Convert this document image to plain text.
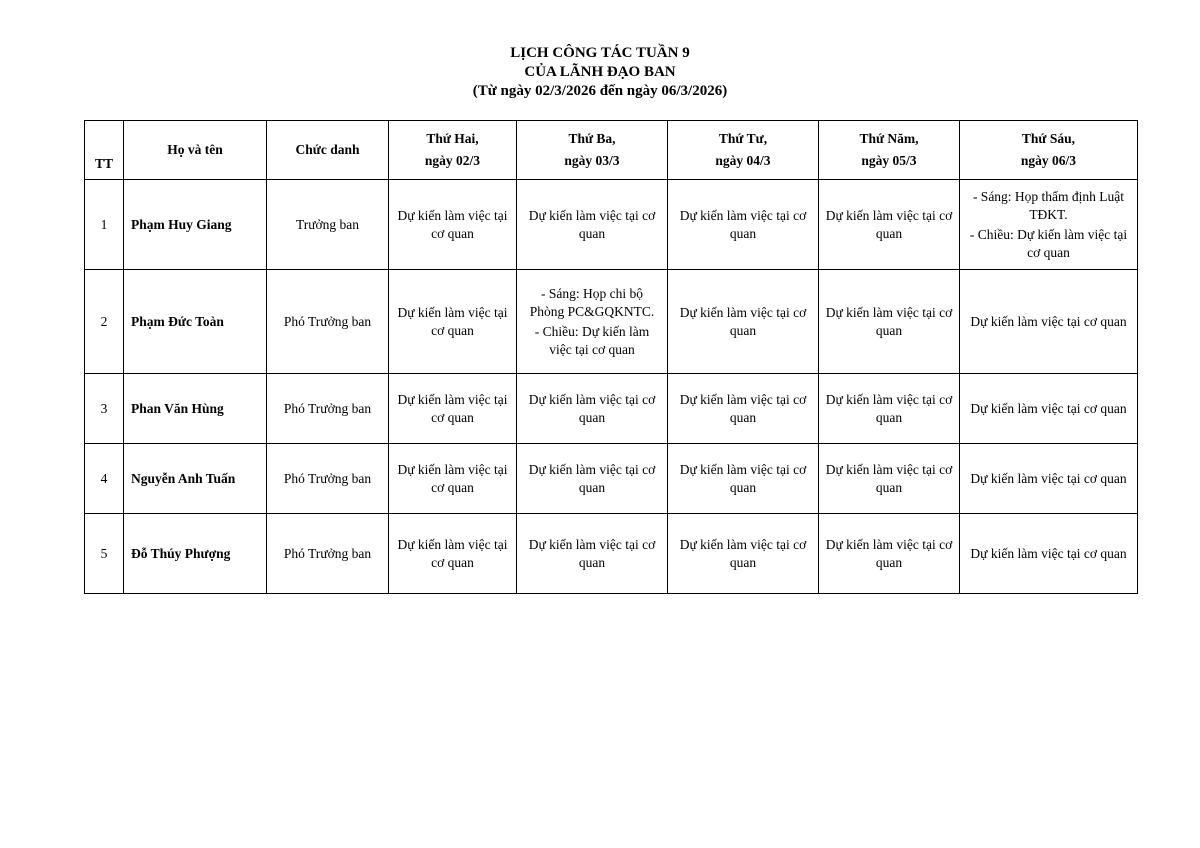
LỊCH CÔNG TÁC TUẦN 9
CỦA LÃNH ĐẠO BAN
(Từ ngày 02/3/2026 đến ngày 06/3/2026)
TT	Họ và tên	Chức danh	Thứ Hai,
ngày 02/3	Thứ Ba,
ngày 03/3	Thứ Tư,
ngày 04/3	Thứ Năm,
ngày 05/3	Thứ Sáu,
ngày 06/3

1	Phạm Huy Giang	Trưởng ban	Dự kiến làm việc tại cơ quan	Dự kiến làm việc tại cơ quan	Dự kiến làm việc tại cơ quan	Dự kiến làm việc tại cơ quan	- Sáng: Họp thẩm định Luật TĐKT.

- Chiều: Dự kiến làm việc tại cơ quan

2	Phạm Đức Toàn	Phó Trưởng ban	Dự kiến làm việc tại cơ quan	- Sáng: Họp chi bộ Phòng PC&GQKNTC.

- Chiều: Dự kiến làm việc tại cơ quan	Dự kiến làm việc tại cơ quan	Dự kiến làm việc tại cơ quan	Dự kiến làm việc tại cơ quan

3	Phan Văn Hùng	Phó Trưởng ban	Dự kiến làm việc tại cơ quan	Dự kiến làm việc tại cơ quan	Dự kiến làm việc tại cơ quan	Dự kiến làm việc tại cơ quan	Dự kiến làm việc tại cơ quan

4	Nguyễn Anh Tuấn	Phó Trưởng ban	Dự kiến làm việc tại cơ quan	Dự kiến làm việc tại cơ quan	Dự kiến làm việc tại cơ quan	Dự kiến làm việc tại cơ quan	Dự kiến làm việc tại cơ quan

5	Đỗ Thúy Phượng	Phó Trưởng ban	Dự kiến làm việc tại cơ quan	Dự kiến làm việc tại cơ quan	Dự kiến làm việc tại cơ quan	Dự kiến làm việc tại cơ quan	Dự kiến làm việc tại cơ quan
